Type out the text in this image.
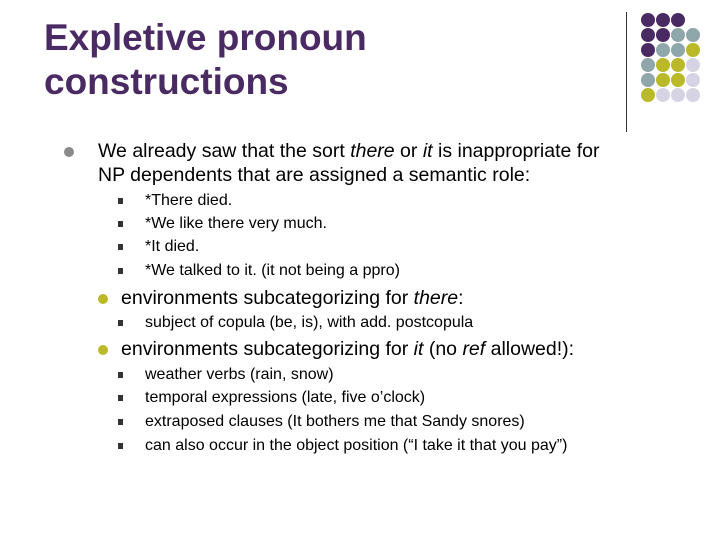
Expletive pronoun
constructions
We already saw that the sort there or it is inappropriate for
NP dependents that are assigned a semantic role:
*There died.
*We like there very much.
*It died.
*We talked to it. (it not being a ppro)
environments subcategorizing for there:
subject of copula (be, is), with add. postcopula
environments subcategorizing for it (no ref allowed!):
weather verbs (rain, snow)
temporal expressions (late, five o’clock)
extraposed clauses (It bothers me that Sandy snores)
can also occur in the object position (“I take it that you pay”)
